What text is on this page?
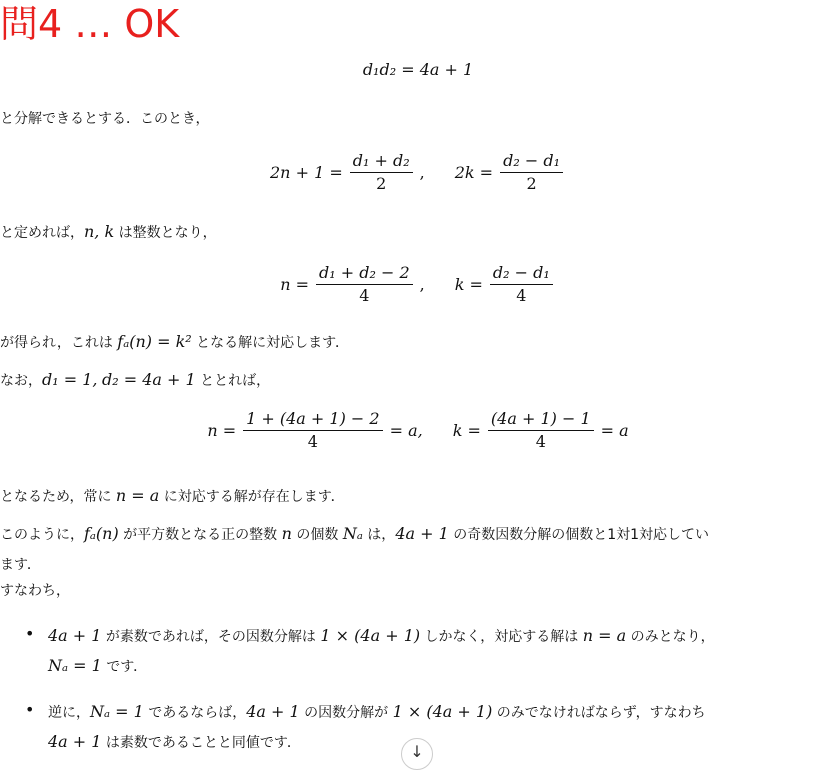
問4 … OK
d₁d₂ = 4a + 1
と分解できるとする．このとき，
$2n + 1 = \frac{\text{d₁ + d₂}}{2}$ , $2k = \frac{\text{d₂ − d₁}}{2}$
と定めれば，n, k は整数となり，
$n = \frac{\text{d₁ + d₂ − 2}}{4}$ , $k = \frac{\text{d₂ − d₁}}{4}$
が得られ，これは fₐ(n) = k² となる解に対応します．
なお，d₁ = 1, d₂ = 4a + 1 ととれば，
$n = \frac{1 + (4a + 1) - 2}{4} = a$, $k = \frac{(4a + 1) - 1}{4} = a$
となるため，常に n = a に対応する解が存在します．
このように，fₐ(n) が平方数となる正の整数 n の個数 Nₐ は，4a + 1 の奇数因数分解の個数と1対1対応してい
ます．
すなわち，
• 4a + 1 が素数であれば，その因数分解は 1 × (4a + 1) しかなく，対応する解は n = a のみとなり，
Nₐ = 1 です．
• 逆に，Nₐ = 1 であるならば，4a + 1 の因数分解が 1 × (4a + 1) のみでなければならず，すなわち
4a + 1 は素数であることと同値です．	↓
